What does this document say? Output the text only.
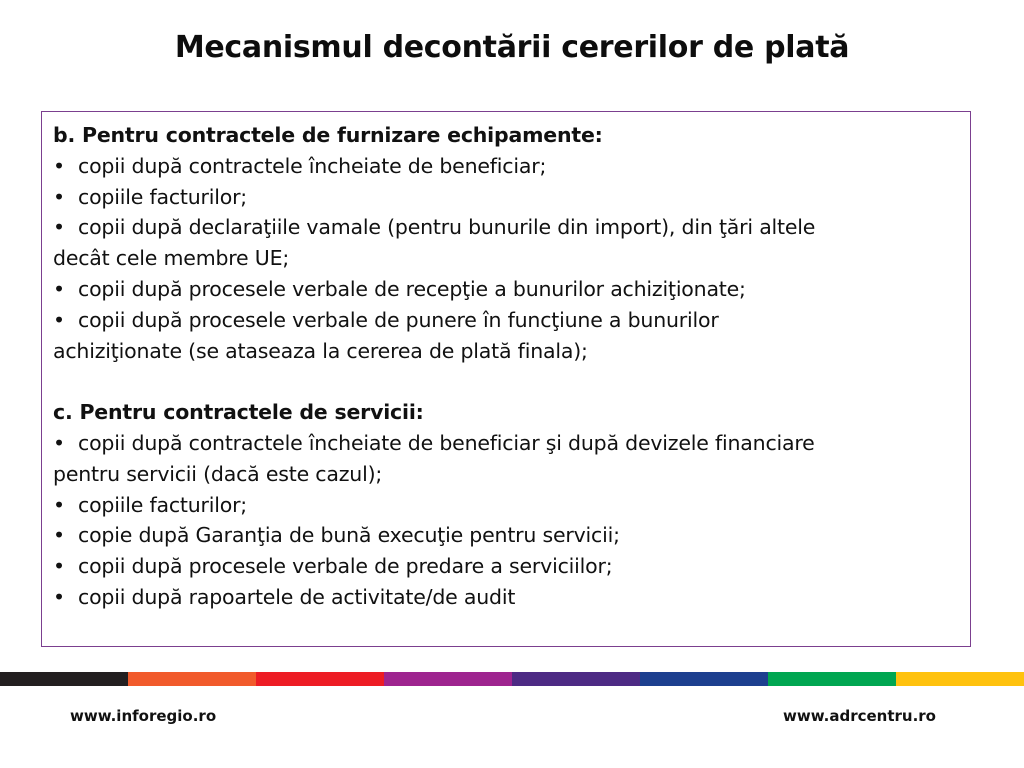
Mecanismul decontării cererilor de plată
b. Pentru contractele de furnizare echipamente:
• copii după contractele încheiate de beneficiar;
• copiile facturilor;
• copii după declaraţiile vamale (pentru bunurile din import), din ţări altele
decât cele membre UE;
• copii după procesele verbale de recepţie a bunurilor achiziţionate;
• copii după procesele verbale de punere în funcţiune a bunurilor
achiziţionate (se ataseaza la cererea de plată finala);
c. Pentru contractele de servicii:
• copii după contractele încheiate de beneficiar şi după devizele financiare
pentru servicii (dacă este cazul);
• copiile facturilor;
• copie după Garanţia de bună execuţie pentru servicii;
• copii după procesele verbale de predare a serviciilor;
• copii după rapoartele de activitate/de audit
www.inforegio.ro	www.adrcentru.ro
